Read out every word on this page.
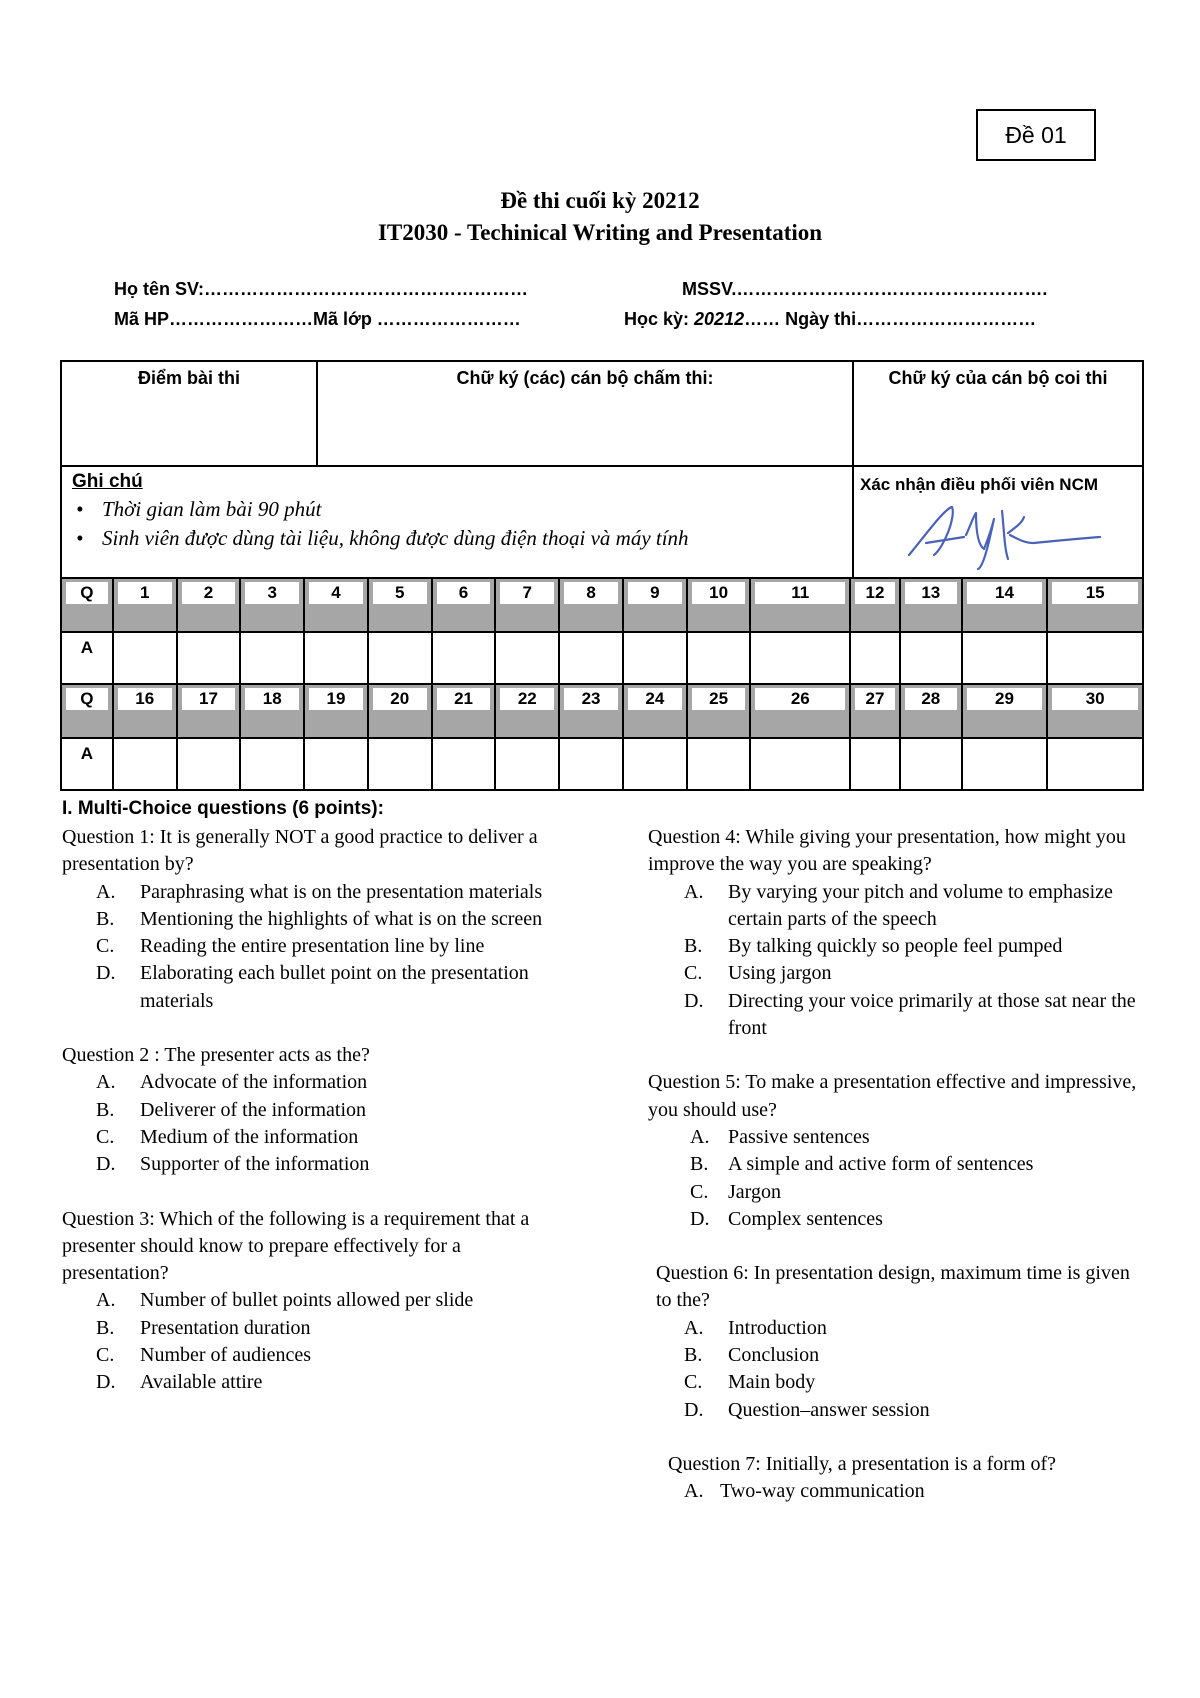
Đề 01
Đề thi cuối kỳ 20212
IT2030 - Techinical Writing and Presentation
Họ tên SV:………………………………………………	MSSV.…………………………………………….
Mã HP……………………Mã lớp ……………………	Học kỳ: 20212…… Ngày thi…………………………
Điểm bài thi	Chữ ký (các) cán bộ chấm thi:	Chữ ký của cán bộ coi thi
Ghi chú
• Thời gian làm bài 90 phút
• Sinh viên được dùng tài liệu, không được dùng điện thoại và máy tính
Xác nhận điều phối viên NCM
Q	1	2	3	4	5	6	7	8	9	10	11	12	13	14	15
A
Q	16	17	18	19	20	21	22	23	24	25	26	27	28	29	30
A
I. Multi-Choice questions (6 points):

Question 1: It is generally NOT a good practice to deliver a presentation by?

A.	Paraphrasing what is on the presentation materials
B.	Mentioning the highlights of what is on the screen
C.	Reading the entire presentation line by line
D.	Elaborating each bullet point on the presentation materials

Question 2 : The presenter acts as the?

A.	Advocate of the information
B.	Deliverer of the information
C.	Medium of the information
D.	Supporter of the information

Question 3: Which of the following is a requirement that a presenter should know to prepare effectively for a presentation?

A.	Number of bullet points allowed per slide
B.	Presentation duration
C.	Number of audiences
D.	Available attire

Question 4: While giving your presentation, how might you improve the way you are speaking?

A.	By varying your pitch and volume to emphasize certain parts of the speech
B.	By talking quickly so people feel pumped
C.	Using jargon
D.	Directing your voice primarily at those sat near the front

Question 5: To make a presentation effective and impressive, you should use?

A. Passive sentences
B. A simple and active form of sentences
C. Jargon
D. Complex sentences

Question 6: In presentation design, maximum time is given to the?

A.	Introduction
B.	Conclusion
C.	Main body
D.	Question–answer session

Question 7: Initially, a presentation is a form of?

A. Two-way communication
